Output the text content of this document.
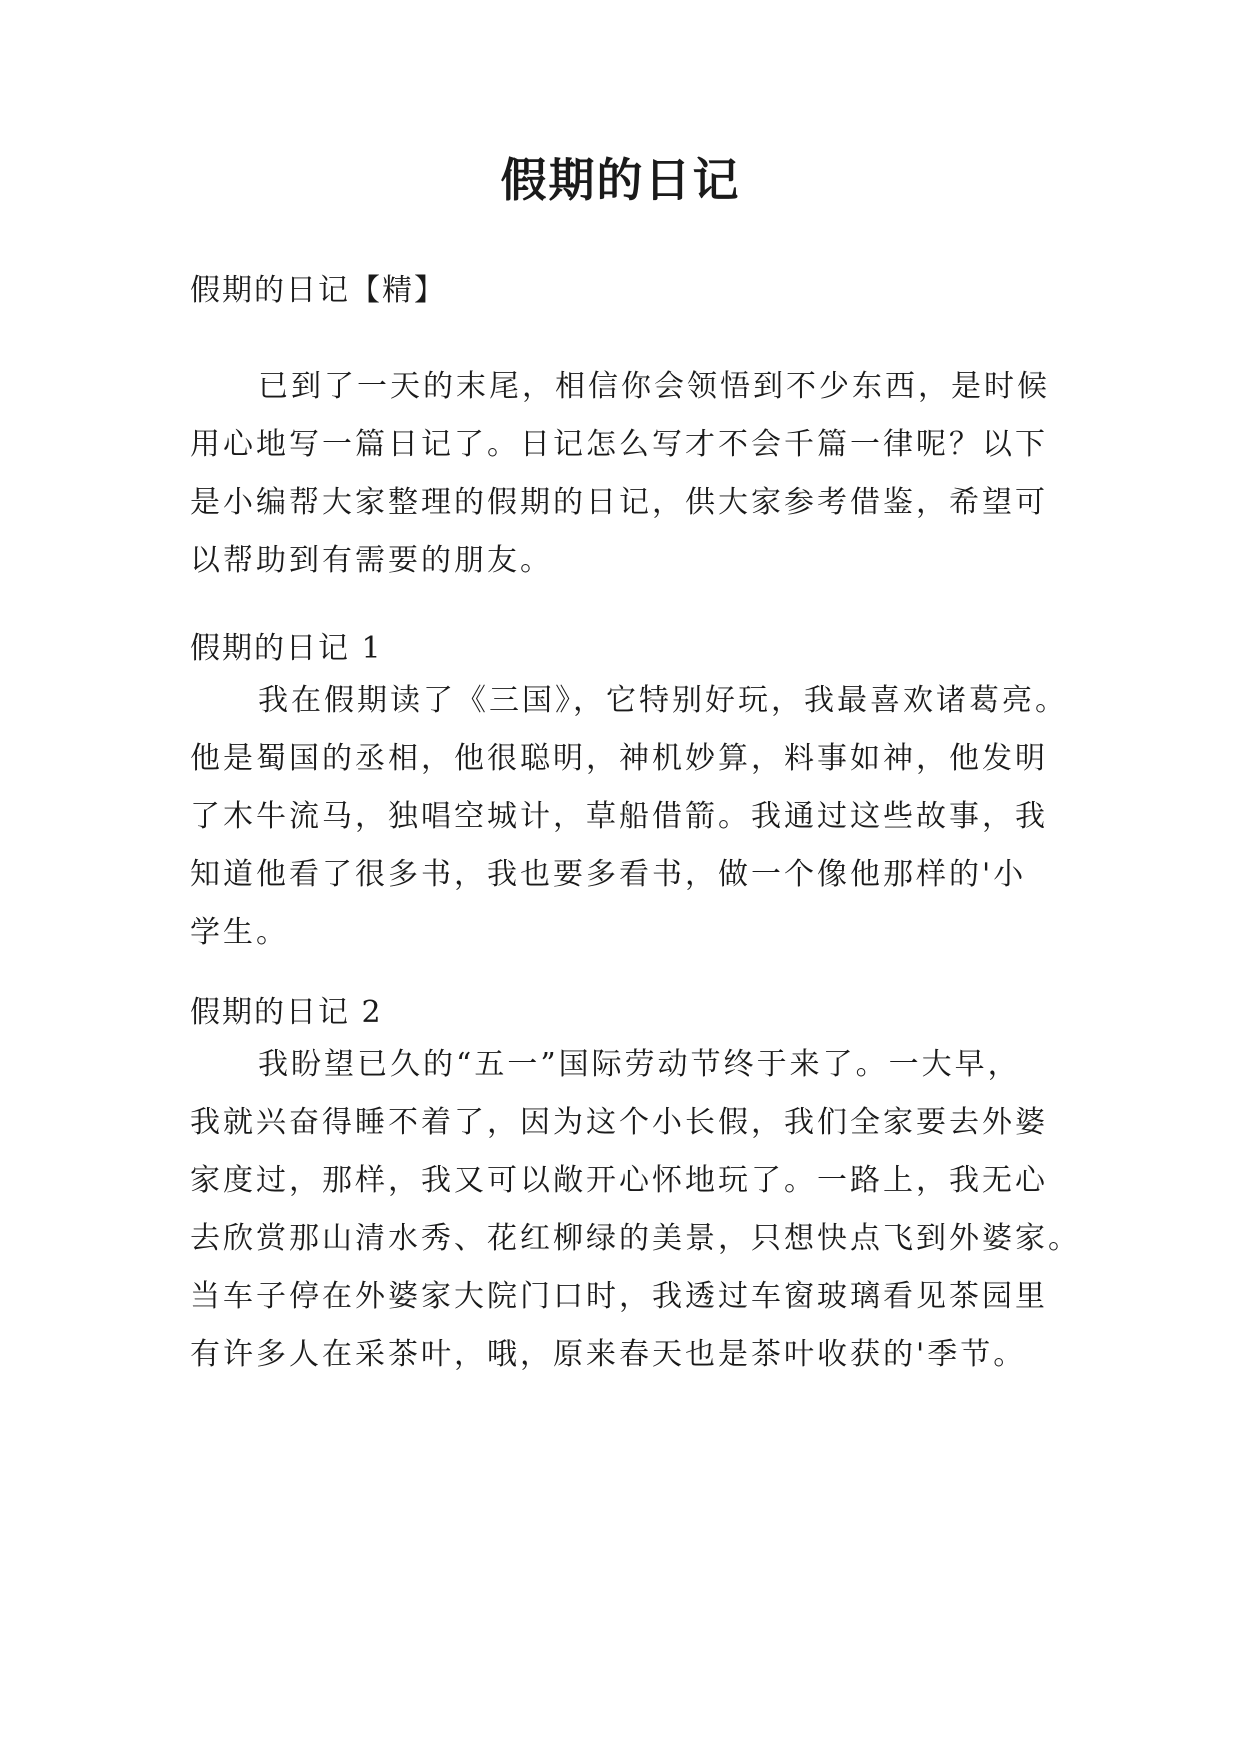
假期的日记
假期的日记【精】
已到了一天的末尾，相信你会领悟到不少东西，是时候
用心地写一篇日记了。日记怎么写才不会千篇一律呢？以下
是小编帮大家整理的假期的日记，供大家参考借鉴，希望可
以帮助到有需要的朋友。
假期的日记 1
我在假期读了《三国》，它特别好玩，我最喜欢诸葛亮。
他是蜀国的丞相，他很聪明，神机妙算，料事如神，他发明
了木牛流马，独唱空城计，草船借箭。我通过这些故事，我
知道他看了很多书，我也要多看书，做一个像他那样的'小
学生。
假期的日记 2
我盼望已久的“五一”国际劳动节终于来了。一大早，
我就兴奋得睡不着了，因为这个小长假，我们全家要去外婆
家度过，那样，我又可以敞开心怀地玩了。一路上，我无心
去欣赏那山清水秀、花红柳绿的美景，只想快点飞到外婆家。
当车子停在外婆家大院门口时，我透过车窗玻璃看见茶园里
有许多人在采茶叶，哦，原来春天也是茶叶收获的'季节。
